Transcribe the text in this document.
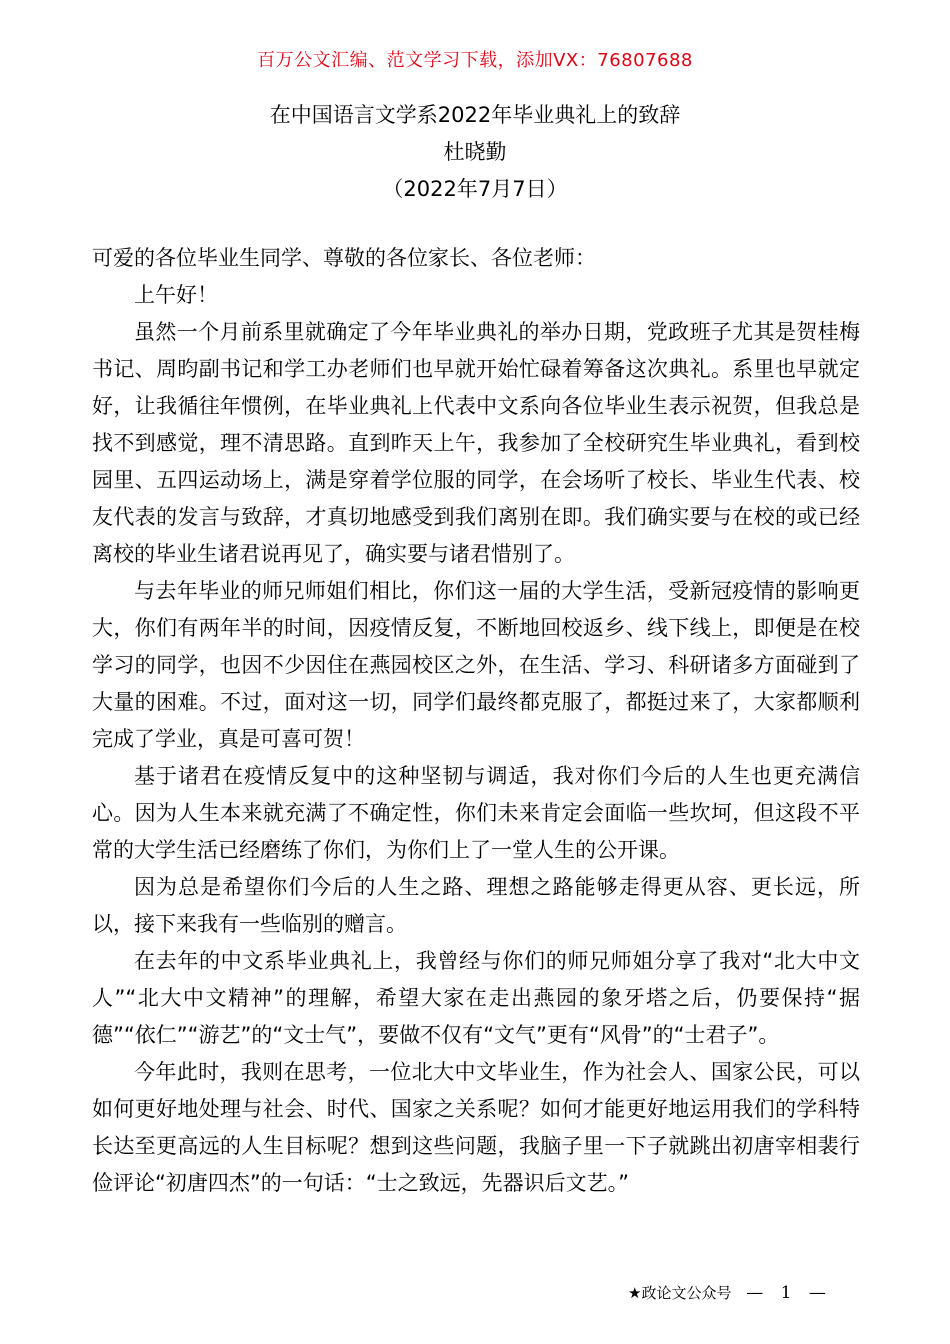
百万公文汇编、范文学习下载，添加VX：76807688
在中国语言文学系2022年毕业典礼上的致辞
杜晓勤
（2022年7月7日）

可爱的各位毕业生同学、尊敬的各位家长、各位老师：

上午好！

虽然一个月前系里就确定了今年毕业典礼的举办日期，党政班子尤其是贺桂梅书记、周昀副书记和学工办老师们也早就开始忙碌着筹备这次典礼。系里也早就定好，让我循往年惯例，在毕业典礼上代表中文系向各位毕业生表示祝贺，但我总是找不到感觉，理不清思路。直到昨天上午，我参加了全校研究生毕业典礼，看到校园里、五四运动场上，满是穿着学位服的同学，在会场听了校长、毕业生代表、校友代表的发言与致辞，才真切地感受到我们离别在即。我们确实要与在校的或已经离校的毕业生诸君说再见了，确实要与诸君惜别了。

与去年毕业的师兄师姐们相比，你们这一届的大学生活，受新冠疫情的影响更大，你们有两年半的时间，因疫情反复，不断地回校返乡、线下线上，即便是在校学习的同学，也因不少因住在燕园校区之外，在生活、学习、科研诸多方面碰到了大量的困难。不过，面对这一切，同学们最终都克服了，都挺过来了，大家都顺利完成了学业，真是可喜可贺！

基于诸君在疫情反复中的这种坚韧与调适，我对你们今后的人生也更充满信心。因为人生本来就充满了不确定性，你们未来肯定会面临一些坎坷，但这段不平常的大学生活已经磨练了你们，为你们上了一堂人生的公开课。

因为总是希望你们今后的人生之路、理想之路能够走得更从容、更长远，所以，接下来我有一些临别的赠言。

在去年的中文系毕业典礼上，我曾经与你们的师兄师姐分享了我对“北大中文人”“北大中文精神”的理解，希望大家在走出燕园的象牙塔之后，仍要保持“据德”“依仁”“游艺”的“文士气”，要做不仅有“文气”更有“风骨”的“士君子”。

今年此时，我则在思考，一位北大中文毕业生，作为社会人、国家公民，可以如何更好地处理与社会、时代、国家之关系呢？如何才能更好地运用我们的学科特长达至更高远的人生目标呢？想到这些问题，我脑子里一下子就跳出初唐宰相裴行俭评论“初唐四杰”的一句话：“士之致远，先器识后文艺。”

★政论文公众号 — 1 —
